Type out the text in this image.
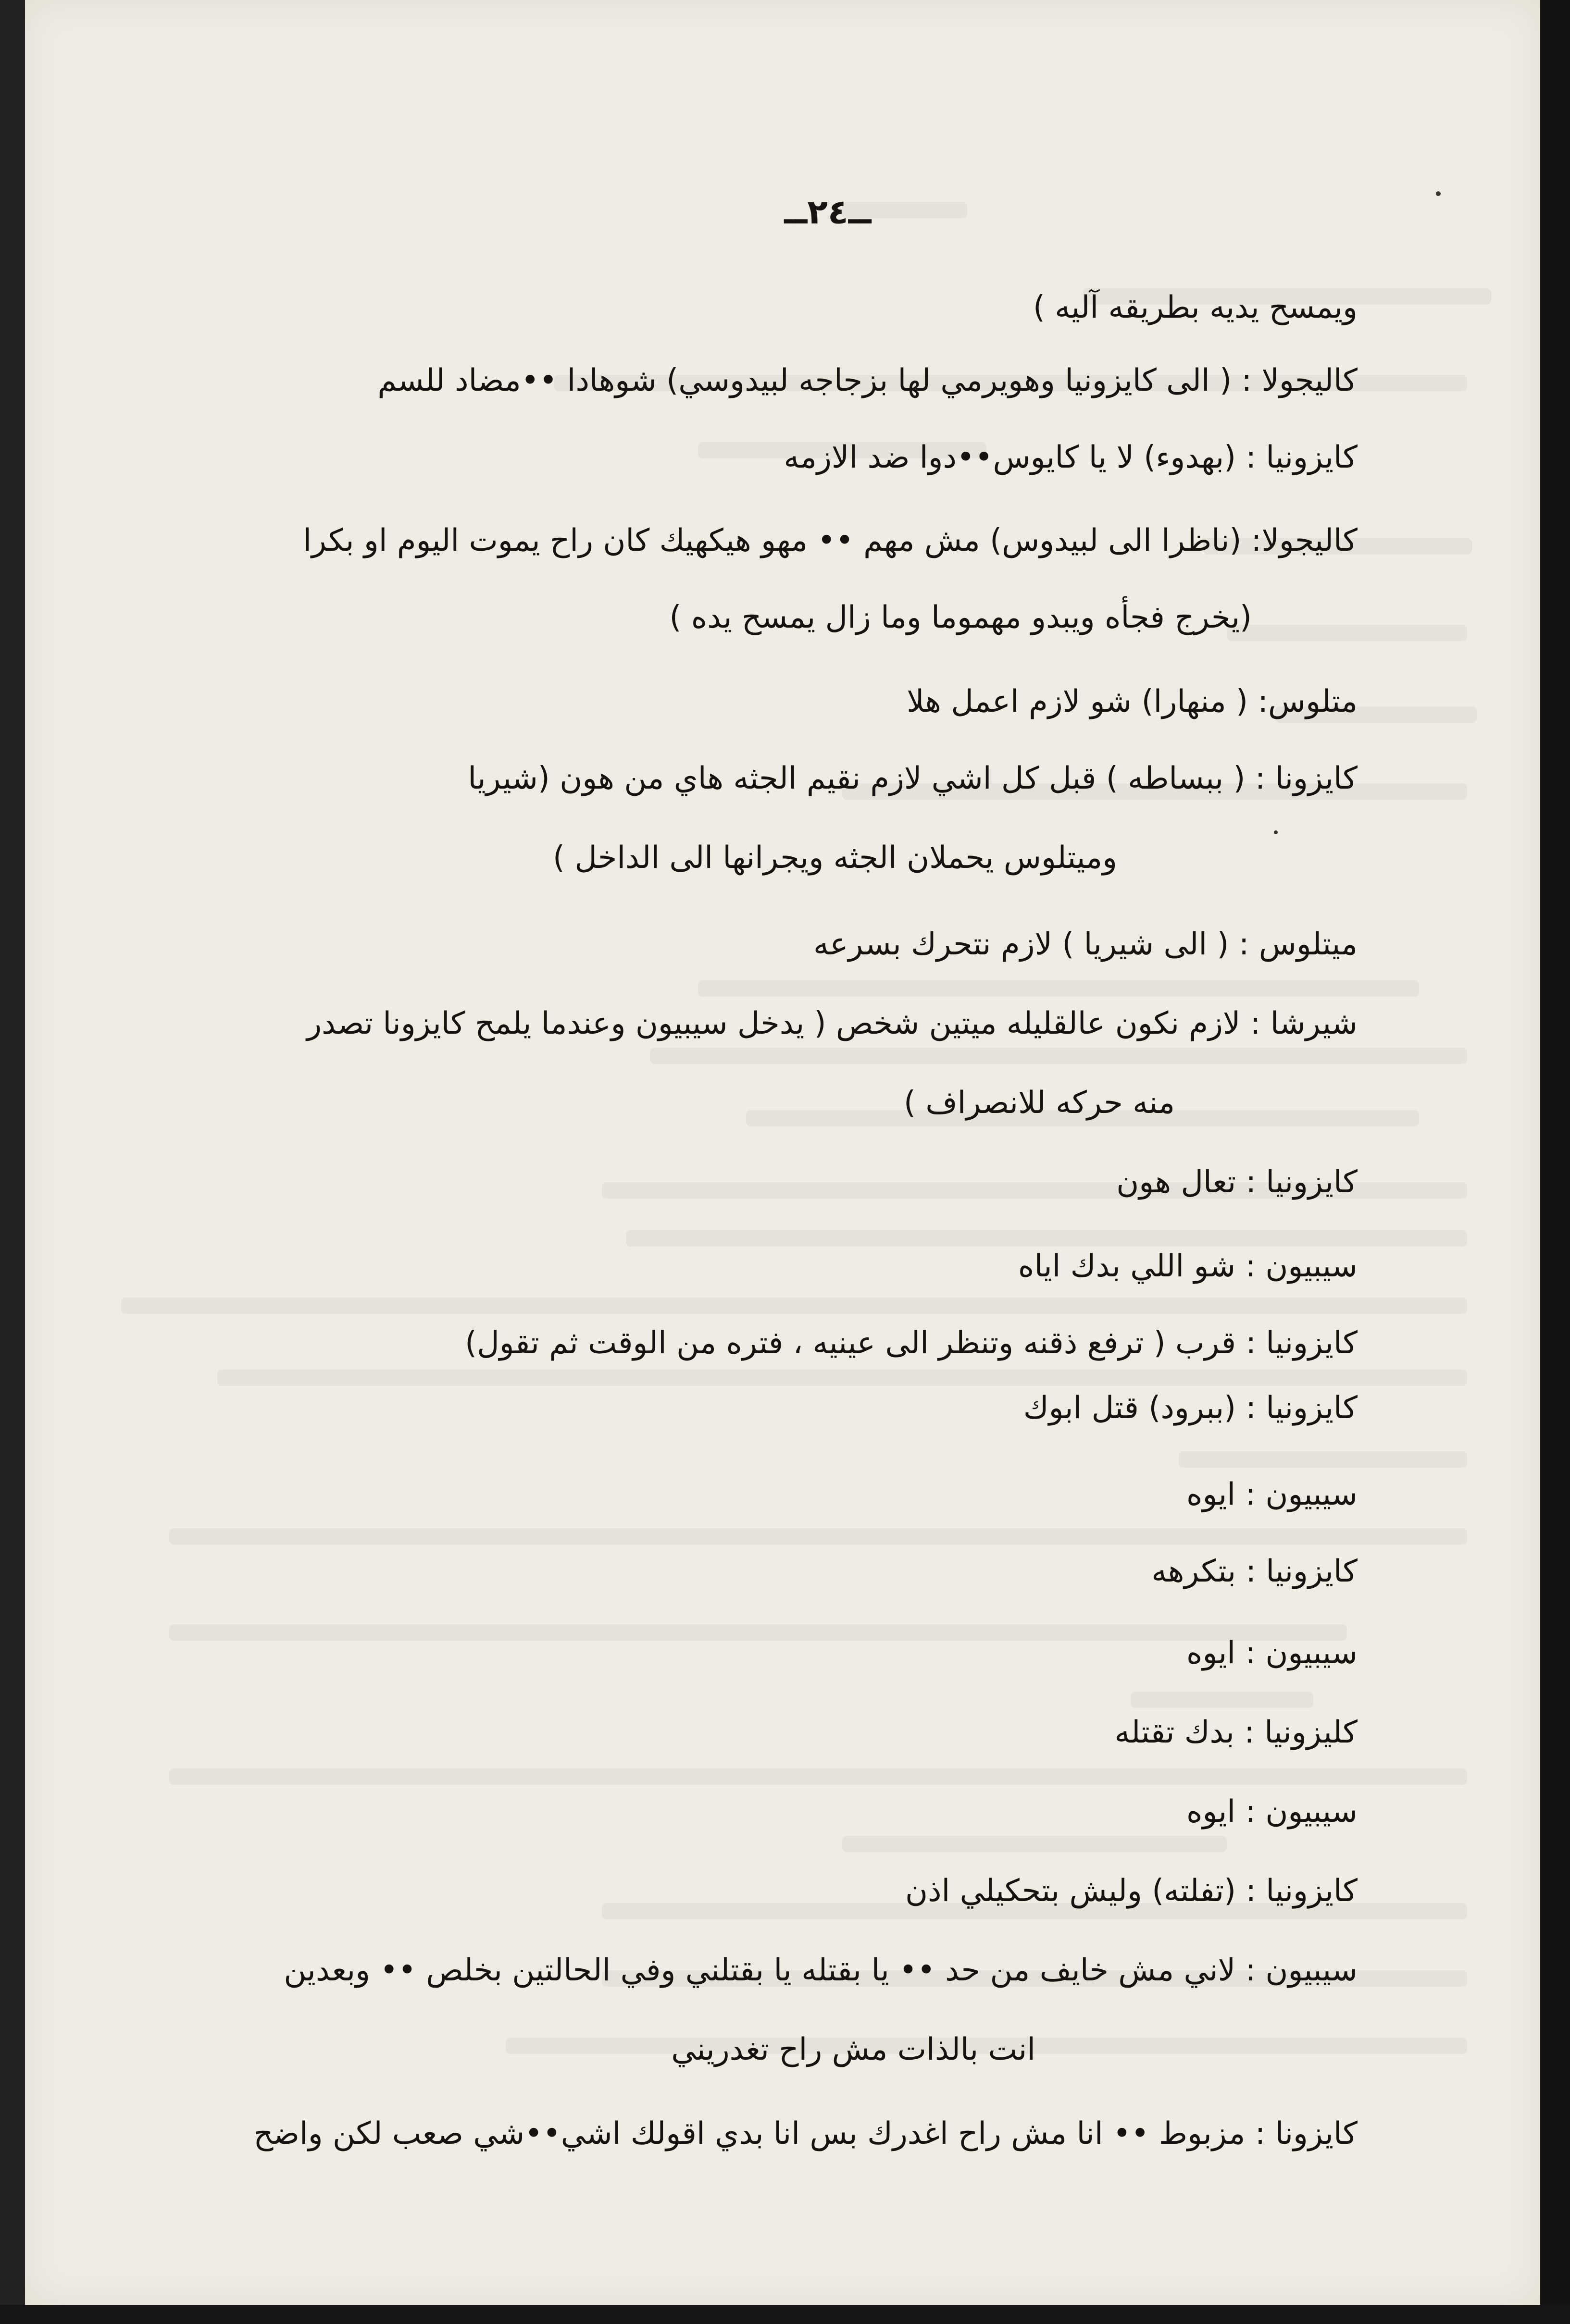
ــ٢٤ــ
ويمسح يديه بطريقه آليه )
كاليجولا : ( الى كايزونيا وهويرمي لها بزجاجه لبيدوسي) شوهادا ••مضاد للسم
كايزونيا : (بهدوء) لا يا كايوس••دوا ضد الازمه
كاليجولا: (ناظرا الى لبيدوس) مش مهم •• مهو هيكهيك كان راح يموت اليوم او بكرا
(يخرج فجأه ويبدو مهموما وما زال يمسح يده )
متلوس: ( منهارا) شو لازم اعمل هلا
كايزونا : ( ببساطه ) قبل كل اشي لازم نقيم الجثه هاي من هون (شيريا
وميتلوس يحملان الجثه ويجرانها الى الداخل )
ميتلوس : ( الى شيريا ) لازم نتحرك بسرعه
شيرشا : لازم نكون عالقليله ميتين شخص ( يدخل سيبيون وعندما يلمح كايزونا تصدر
منه حركه للانصراف )
كايزونيا : تعال هون
سيبيون : شو اللي بدك اياه
كايزونيا : قرب ( ترفع ذقنه وتنظر الى عينيه ، فتره من الوقت ثم تقول)
كايزونيا : (ببرود) قتل ابوك
سيبيون : ايوه
كايزونيا : بتكرهه
سيبيون : ايوه
كليزونيا : بدك تقتله
سيبيون : ايوه
كايزونيا : (تفلته) وليش بتحكيلي اذن
سيبيون : لاني مش خايف من حد •• يا بقتله يا بقتلني وفي الحالتين بخلص •• وبعدين
انت بالذات مش راح تغدريني
كايزونا : مزبوط •• انا مش راح اغدرك بس انا بدي اقولك اشي••شي صعب لكن واضح
